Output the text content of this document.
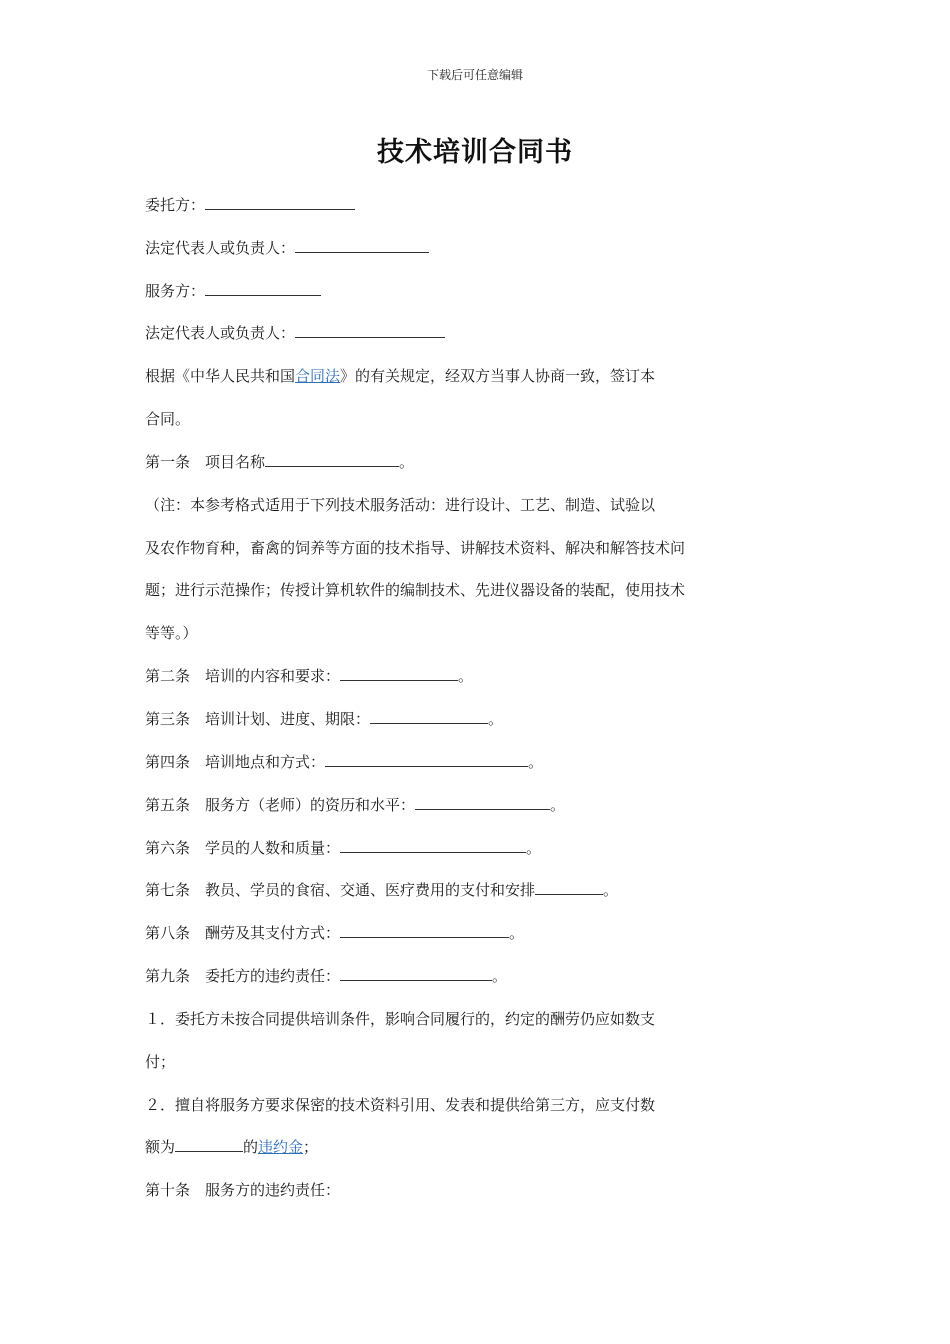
下载后可任意编辑
技术培训合同书
委托方：
法定代表人或负责人：
服务方：
法定代表人或负责人：
根据《中华人民共和国合同法》的有关规定，经双方当事人协商一致，签订本
合同。
第一条　项目名称	。
（注：本参考格式适用于下列技术服务活动：进行设计、工艺、制造、试验以
及农作物育种，畜禽的饲养等方面的技术指导、讲解技术资料、解决和解答技术问
题；进行示范操作；传授计算机软件的编制技术、先进仪器设备的装配，使用技术
等等。）
第二条　培训的内容和要求：	。
第三条　培训计划、进度、期限：	。
第四条　培训地点和方式：	。
第五条　服务方（老师）的资历和水平：	。
第六条　学员的人数和质量：	。
第七条　教员、学员的食宿、交通、医疗费用的支付和安排	。
第八条　酬劳及其支付方式：	。
第九条　委托方的违约责任：	。
１．委托方未按合同提供培训条件，影响合同履行的，约定的酬劳仍应如数支
付；
２．擅自将服务方要求保密的技术资料引用、发表和提供给第三方，应支付数
额为	的违约金；
第十条　服务方的违约责任：
